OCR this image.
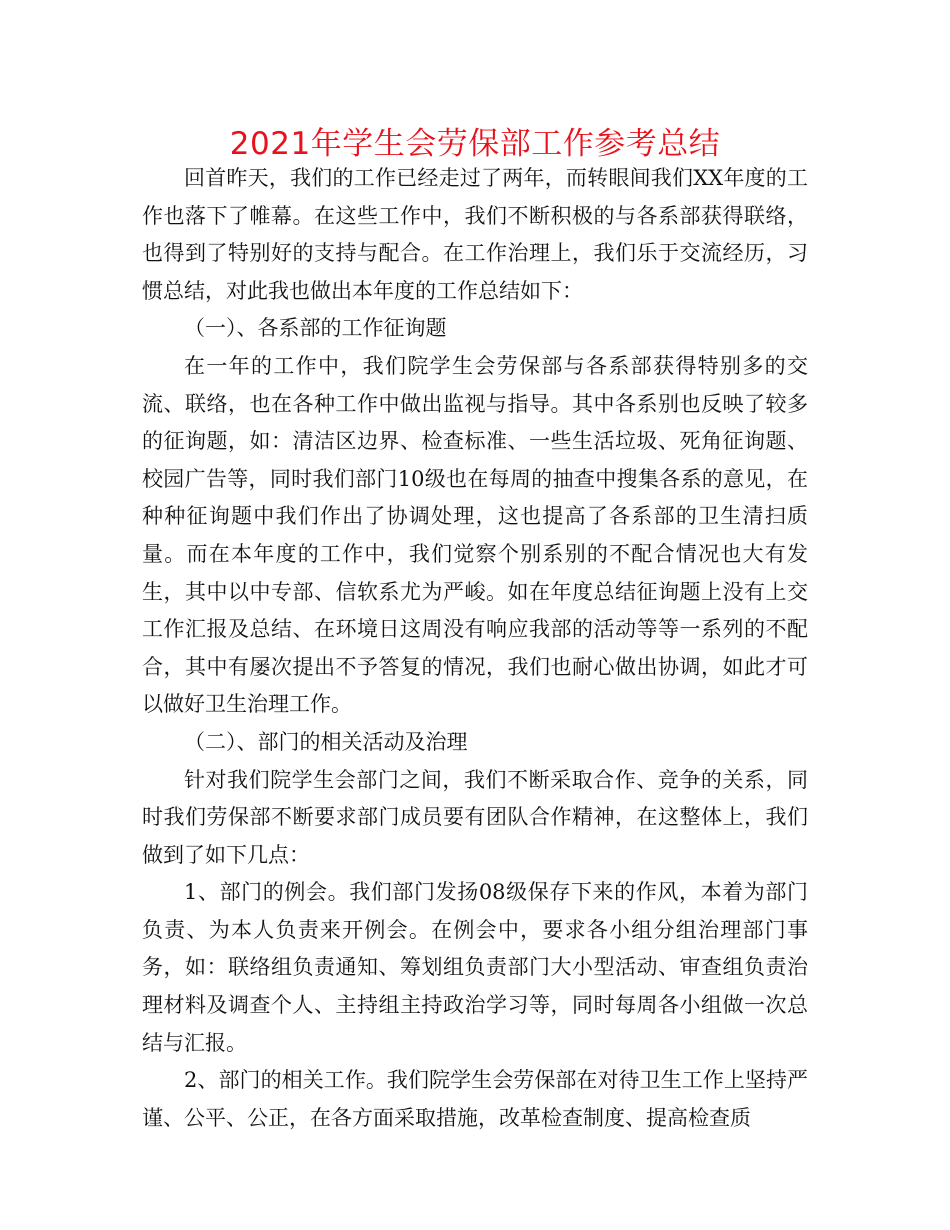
2021年学生会劳保部工作参考总结

回首昨天，我们的工作已经走过了两年，而转眼间我们XX年度的工作也落下了帷幕。在这些工作中，我们不断积极的与各系部获得联络，也得到了特别好的支持与配合。在工作治理上，我们乐于交流经历，习惯总结，对此我也做出本年度的工作总结如下：

（一）、各系部的工作征询题

在一年的工作中，我们院学生会劳保部与各系部获得特别多的交流、联络，也在各种工作中做出监视与指导。其中各系别也反映了较多的征询题，如：清洁区边界、检查标准、一些生活垃圾、死角征询题、校园广告等，同时我们部门10级也在每周的抽查中搜集各系的意见，在种种征询题中我们作出了协调处理，这也提高了各系部的卫生清扫质量。而在本年度的工作中，我们觉察个别系别的不配合情况也大有发生，其中以中专部、信软系尤为严峻。如在年度总结征询题上没有上交工作汇报及总结、在环境日这周没有响应我部的活动等等一系列的不配合，其中有屡次提出不予答复的情况，我们也耐心做出协调，如此才可以做好卫生治理工作。

（二）、部门的相关活动及治理

针对我们院学生会部门之间，我们不断采取合作、竞争的关系，同时我们劳保部不断要求部门成员要有团队合作精神，在这整体上，我们做到了如下几点：

1、部门的例会。我们部门发扬08级保存下来的作风，本着为部门负责、为本人负责来开例会。在例会中，要求各小组分组治理部门事务，如：联络组负责通知、筹划组负责部门大小型活动、审查组负责治理材料及调查个人、主持组主持政治学习等，同时每周各小组做一次总结与汇报。

2、部门的相关工作。我们院学生会劳保部在对待卫生工作上坚持严谨、公平、公正，在各方面采取措施，改革检查制度、提高检查质
